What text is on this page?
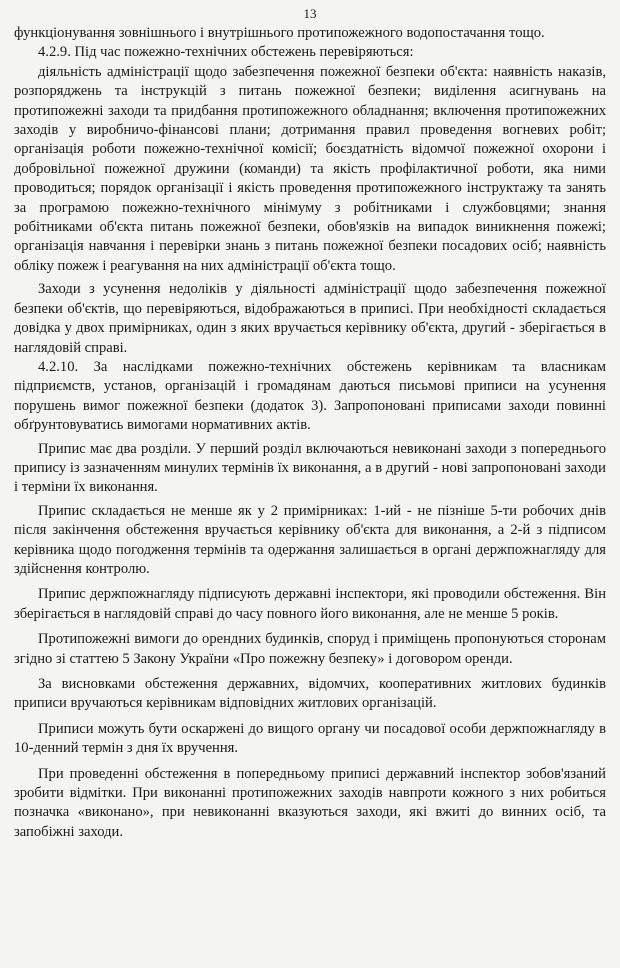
13

функціонування зовнішнього і внутрішнього протипожежного водопостачання тощо.

4.2.9. Під час пожежно-технічних обстежень перевіряються:

діяльність адміністрації щодо забезпечення пожежної безпеки об'єкта: наявність наказів, розпоряджень та інструкцій з питань пожежної безпеки; виділення асигнувань на протипожежні заходи та придбання протипожежного обладнання; включення протипожежних заходів у виробничо-фінансові плани; дотримання правил проведення вогневих робіт; організація роботи пожежно-технічної комісії; боєздатність відомчої пожежної охорони і добровільної пожежної дружини (команди) та якість профілактичної роботи, яка ними проводиться; порядок організації і якість проведення протипожежного інструктажу та занять за програмою пожежно-технічного мінімуму з робітниками і службовцями; знання робітниками об'єкта питань пожежної безпеки, обов'язків на випадок виникнення пожежі; організація навчання і перевірки знань з питань пожежної безпеки посадових осіб; наявність обліку пожеж і реагування на них адміністрації об'єкта тощо.

Заходи з усунення недоліків у діяльності адміністрації щодо забезпечення пожежної безпеки об'єктів, що перевіряються, відображаються в приписі. При необхідності складається довідка у двох примірниках, один з яких вручається керівнику об'єкта, другий - зберігається в наглядовій справі.

4.2.10. За наслідками пожежно-технічних обстежень керівникам та власникам підприємств, установ, організацій і громадянам даються письмові приписи на усунення порушень вимог пожежної безпеки (додаток 3). Запропоновані приписами заходи повинні обґрунтовуватись вимогами нормативних актів.

Припис має два розділи. У перший розділ включаються невиконані заходи з попереднього припису із зазначенням минулих термінів їх виконання, а в другий - нові запропоновані заходи і терміни їх виконання.

Припис складається не менше як у 2 примірниках: 1-ий - не пізніше 5-ти робочих днів після закінчення обстеження вручається керівнику об'єкта для виконання, а 2-й з підписом керівника щодо погодження термінів та одержання залишається в органі держпожнагляду для здійснення контролю.

Припис держпожнагляду підписують державні інспектори, які проводили обстеження. Він зберігається в наглядовій справі до часу повного його виконання, але не менше 5 років.

Протипожежні вимоги до орендних будинків, споруд і приміщень пропонуються сторонам згідно зі статтею 5 Закону України «Про пожежну безпеку» і договором оренди.

За висновками обстеження державних, відомчих, кооперативних житлових будинків приписи вручаються керівникам відповідних житлових організацій.

Приписи можуть бути оскаржені до вищого органу чи посадової особи держпожнагляду в 10-денний термін з дня їх вручення.

При проведенні обстеження в попередньому приписі державний інспектор зобов'язаний зробити відмітки. При виконанні протипожежних заходів навпроти кожного з них робиться позначка «виконано», при невиконанні вказуються заходи, які вжиті до винних осіб, та запобіжні заходи.
